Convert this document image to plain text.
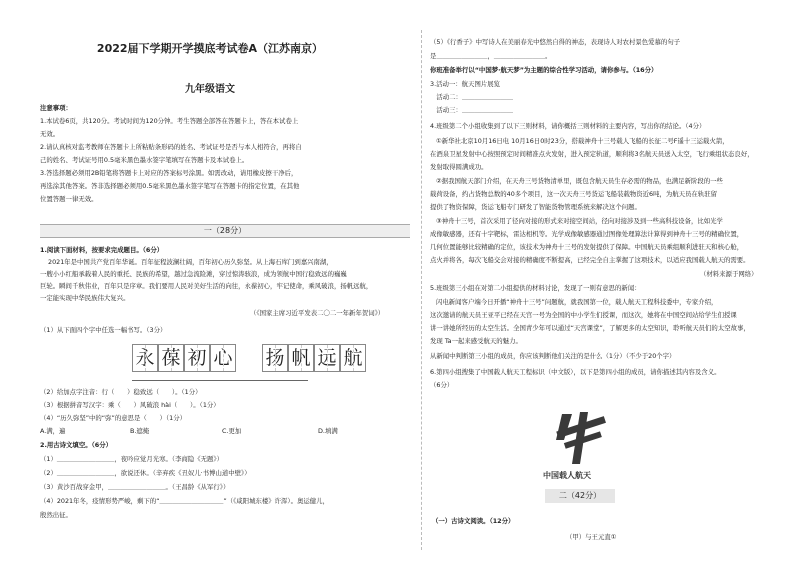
2022届下学期开学摸底考试卷A（江苏南京）
九年级语文
注意事项：
1.本试卷6页，共120分。考试时间为120分钟。考生答题全部答在答题卡上，答在本试卷上
无效。
2.请认真核对监考教师在答题卡上所粘贴条形码的姓名、考试证号是否与本人相符合，再将自
己的姓名、考试证号用0.5毫米黑色墨水签字笔填写在答题卡及本试卷上。
3.答选择题必须用2B铅笔将答题卡上对应的答案标号涂黑。如需改动，请用橡皮擦干净后，
再选涂其他答案。答非选择题必须用0.5毫米黑色墨水签字笔写在答题卡的指定位置，在其他
位置答题一律无效。
一（28分）
1.阅读下面材料，按要求完成题目。（6分）
2021年是中国共产党百年华诞。百年征程波澜壮阔，百年初心历久弥坚。从上海石库门到嘉兴南湖，
一艘小小红船承载着人民的重托、民族的希望，越过急流险滩，穿过惊涛骇浪，成为领航中国行稳致远的巍巍
巨轮。瞬间千秋伟业，百年只是序章。我们要用人民对美好生活的向往，永葆初心，牢记使命，乘风破浪，扬帆远航，
一定能实现中华民族伟大复兴。
（《国家主席习近平发表二〇二一年新年贺词》）
（1）从下面四个字中任选一幅书写。（3分）
永 葆 初 心 扬 帆 远 航
（2）给加点字注音：行（　　）稳致远（　　）。（1分）
（3）根据拼音写汉字：乘（　　）风破浪 hài（　　）。（1分）
（4）“历久弥坚”中的“弥”的意思是（　　）（1分）
A.满，遍	B.遮掩	C.更加	D.填满
2.用古诗文填空。（6分）
（1）＿＿＿＿＿＿＿＿＿，夜吟应觉月光寒。（李商隐《无题》）
（2）＿＿＿＿＿＿＿＿＿，欲说还休。（辛弃疾《丑奴儿·书博山道中壁》）
（3）黄沙百战穿金甲，＿＿＿＿＿＿＿＿＿。（王昌龄《从军行》）
（4）2021年冬，疫情形势严峻，剩下的“＿＿＿＿＿＿＿＿＿＿”（《咸阳城东楼》许浑）。奥运健儿，
殷然出征。
（5）《行香子》中写诗人在美丽春光中悠然自得的神态，表现诗人对农村景色爱慕的句子
是＿＿＿＿＿＿＿＿，＿＿＿＿＿＿＿＿。
你班准备举行以“中国梦·航天梦”为主题的综合性学习活动，请你参与。（16分）
3.活动一：航天图片展览
　活动二：＿＿＿＿＿＿＿＿
　活动三：＿＿＿＿＿＿＿＿
4.班级第二个小组收集到了以下三则材料，请你概括三则材料的主要内容，写出你的结论。（4分）
①新华社北京10月16日电 10月16日0时23分，搭载神舟十三号载人飞船的长征二号F遥十三运载火箭，
在酒泉卫星发射中心按照预定时间精准点火发射，进入预定轨道，顺利将3名航天员送入太空，飞行乘组状态良好，
发射取得圆满成功。
②据我国航天部门介绍，在天舟三号货物清单里，既包含航天员生存必需的物品，也满足新阶段的一些
载荷设备，约占货物总数的40多个项目，这一次天舟三号货运飞船装载物资近6吨，为航天员在轨驻留
提供了物资保障，货运飞船专门研发了智能货物管理系统来解决这个问题。
③神舟十三号，首次采用了径向对接的形式来对接空间站，径向对接涉及到一些高科技设备，比如光学
成像敏感器，还有十字靶标，雷达相机等。光学成像敏感器通过图像处理算法计算得到神舟十三号的精确位置，
几何位置能够比较精确的定位，该技术为神舟十三号的发射提供了保障。中国航天员乘组顺利进驻天和核心舱，
点火并将各，每次飞船交会对接的精确度不断提高，已经完全自主掌握了这项技术，以适应我国载人航天的需要。
（材料来源于网络）
5.班级第三小组在对第二小组提供的材料讨论，发现了一则有意思的新闻：
闪电新闻客户端今日开播“神舟十三号”问题航，就我国第一位，载人航天工程科技委中，专家介绍，
这次邀请的航天员王亚平已经在天宫一号为全国的中小学生们授课，而这次，她将在中国空间站给学生们授课
讲一讲她所经历的太空生活。全国青少年可以通过“天宫课堂”，了解更多的太空知识，聆听航天员们的太空故事，
发现 Ta一起来感受航天的魅力。
从新闻中判断第三小组的成员，你应该判断他们关注的是什么（1分）（不少于20个字）
6.第四小组搜集了中国载人航天工程标识（中文版），以下是第四小组的成员，请你描述其内容及含义。
（6分）
中国载人航天
二（42分）
（一）古诗文阅读。（12分）
（甲）与王元直①
